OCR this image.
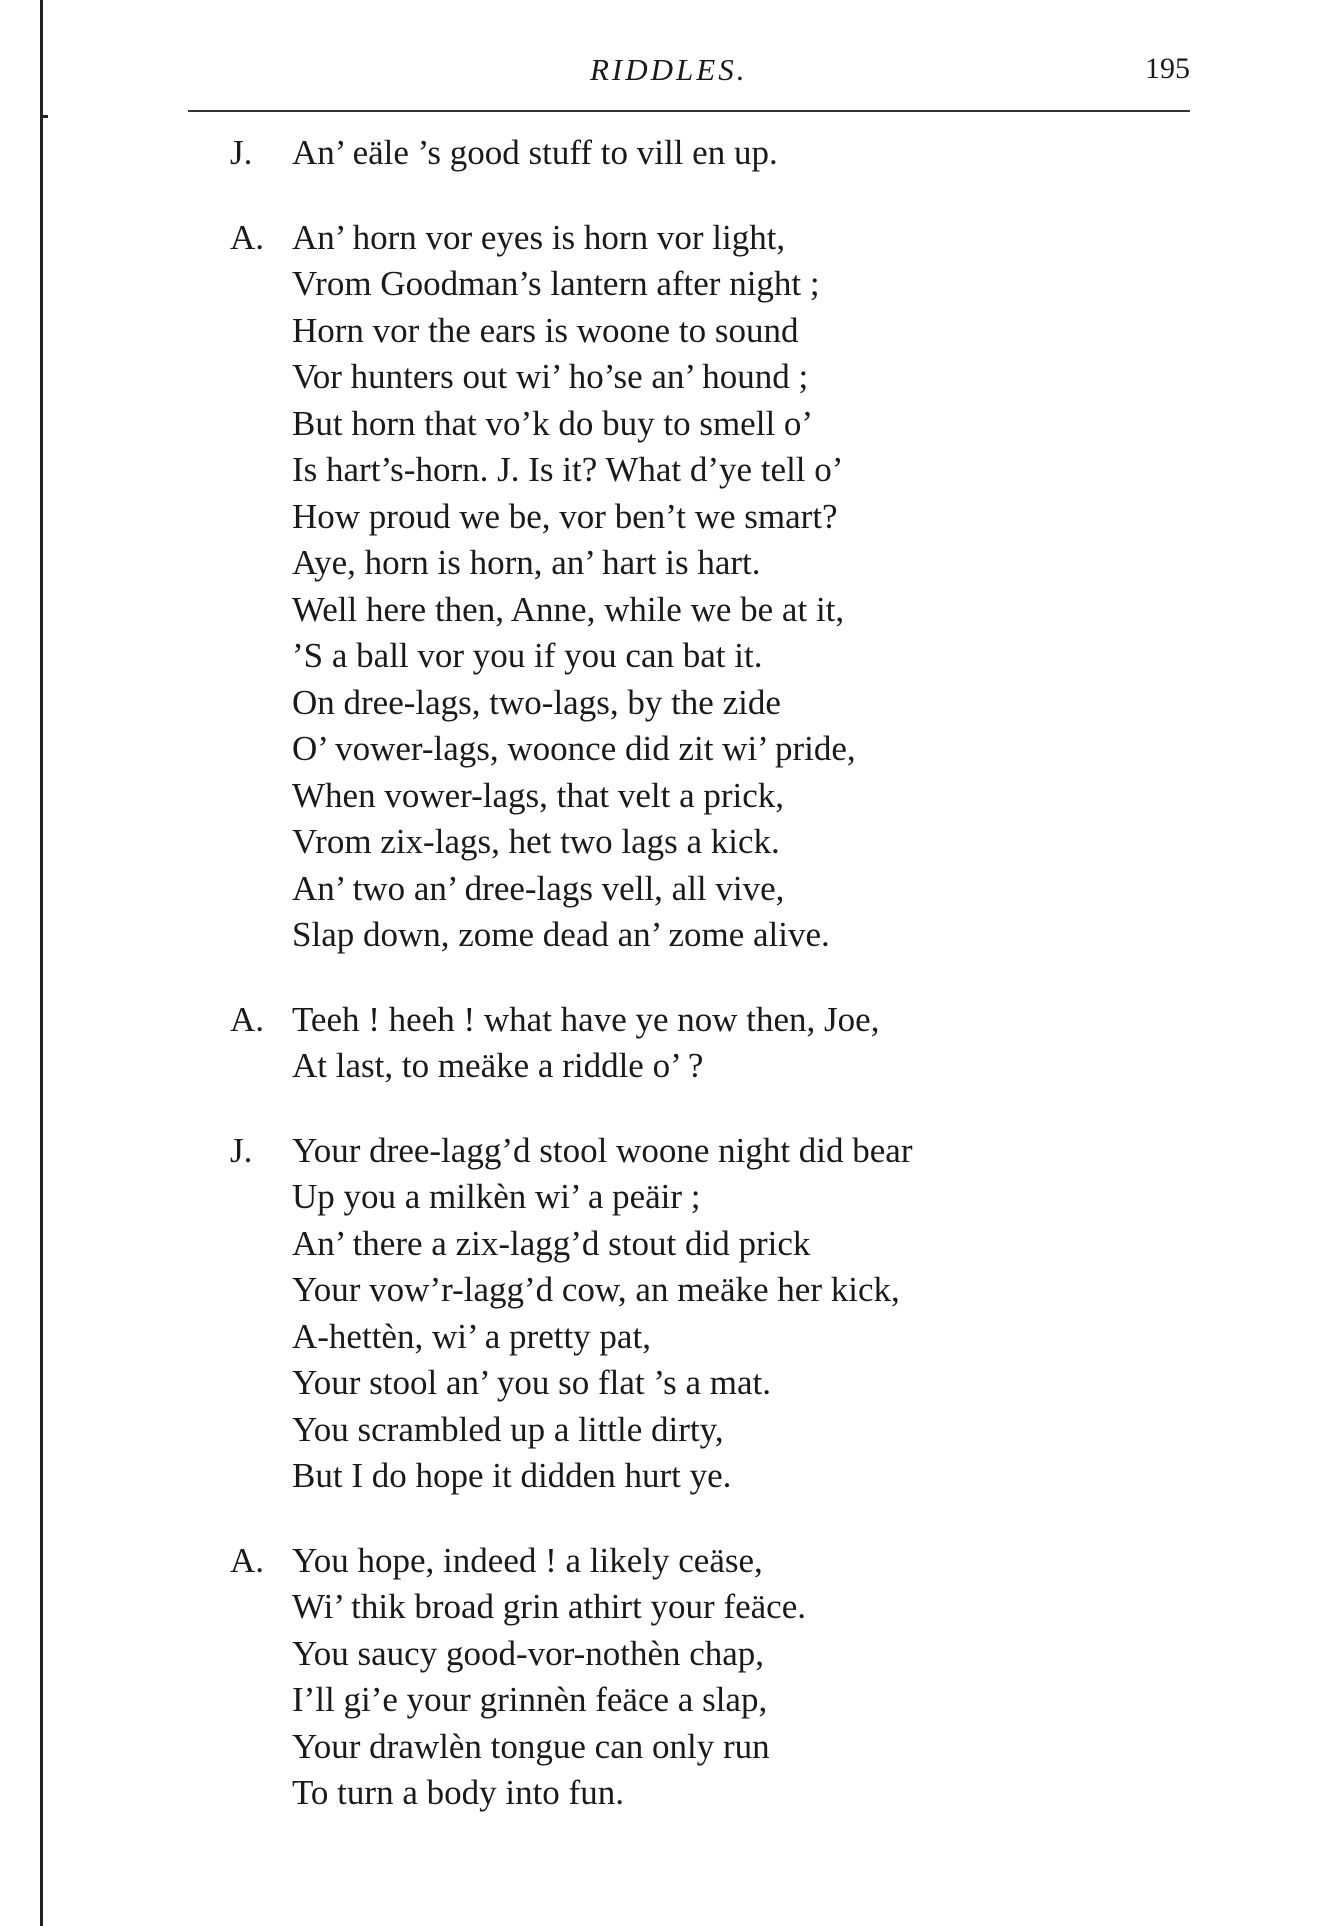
RIDDLES.	195
J. An’ eäle ’s good stuff to vill en up.
A. An’ horn vor eyes is horn vor light,
Vrom Goodman’s lantern after night ;
Horn vor the ears is woone to sound
Vor hunters out wi’ ho’se an’ hound ;
But horn that vo’k do buy to smell o’
Is hart’s-horn. J. Is it? What d’ye tell o’
How proud we be, vor ben’t we smart?
Aye, horn is horn, an’ hart is hart.
Well here then, Anne, while we be at it,
’S a ball vor you if you can bat it.
On dree-lags, two-lags, by the zide
O’ vower-lags, woonce did zit wi’ pride,
When vower-lags, that velt a prick,
Vrom zix-lags, het two lags a kick.
An’ two an’ dree-lags vell, all vive,
Slap down, zome dead an’ zome alive.
A. Teeh ! heeh ! what have ye now then, Joe,
At last, to meäke a riddle o’ ?
J. Your dree-lagg’d stool woone night did bear
Up you a milkèn wi’ a peäir ;
An’ there a zix-lagg’d stout did prick
Your vow’r-lagg’d cow, an meäke her kick,
A-hettèn, wi’ a pretty pat,
Your stool an’ you so flat ’s a mat.
You scrambled up a little dirty,
But I do hope it didden hurt ye.
A. You hope, indeed ! a likely ceäse,
Wi’ thik broad grin athirt your feäce.
You saucy good-vor-nothèn chap,
I’ll gi’e your grinnèn feäce a slap,
Your drawlèn tongue can only run
To turn a body into fun.
